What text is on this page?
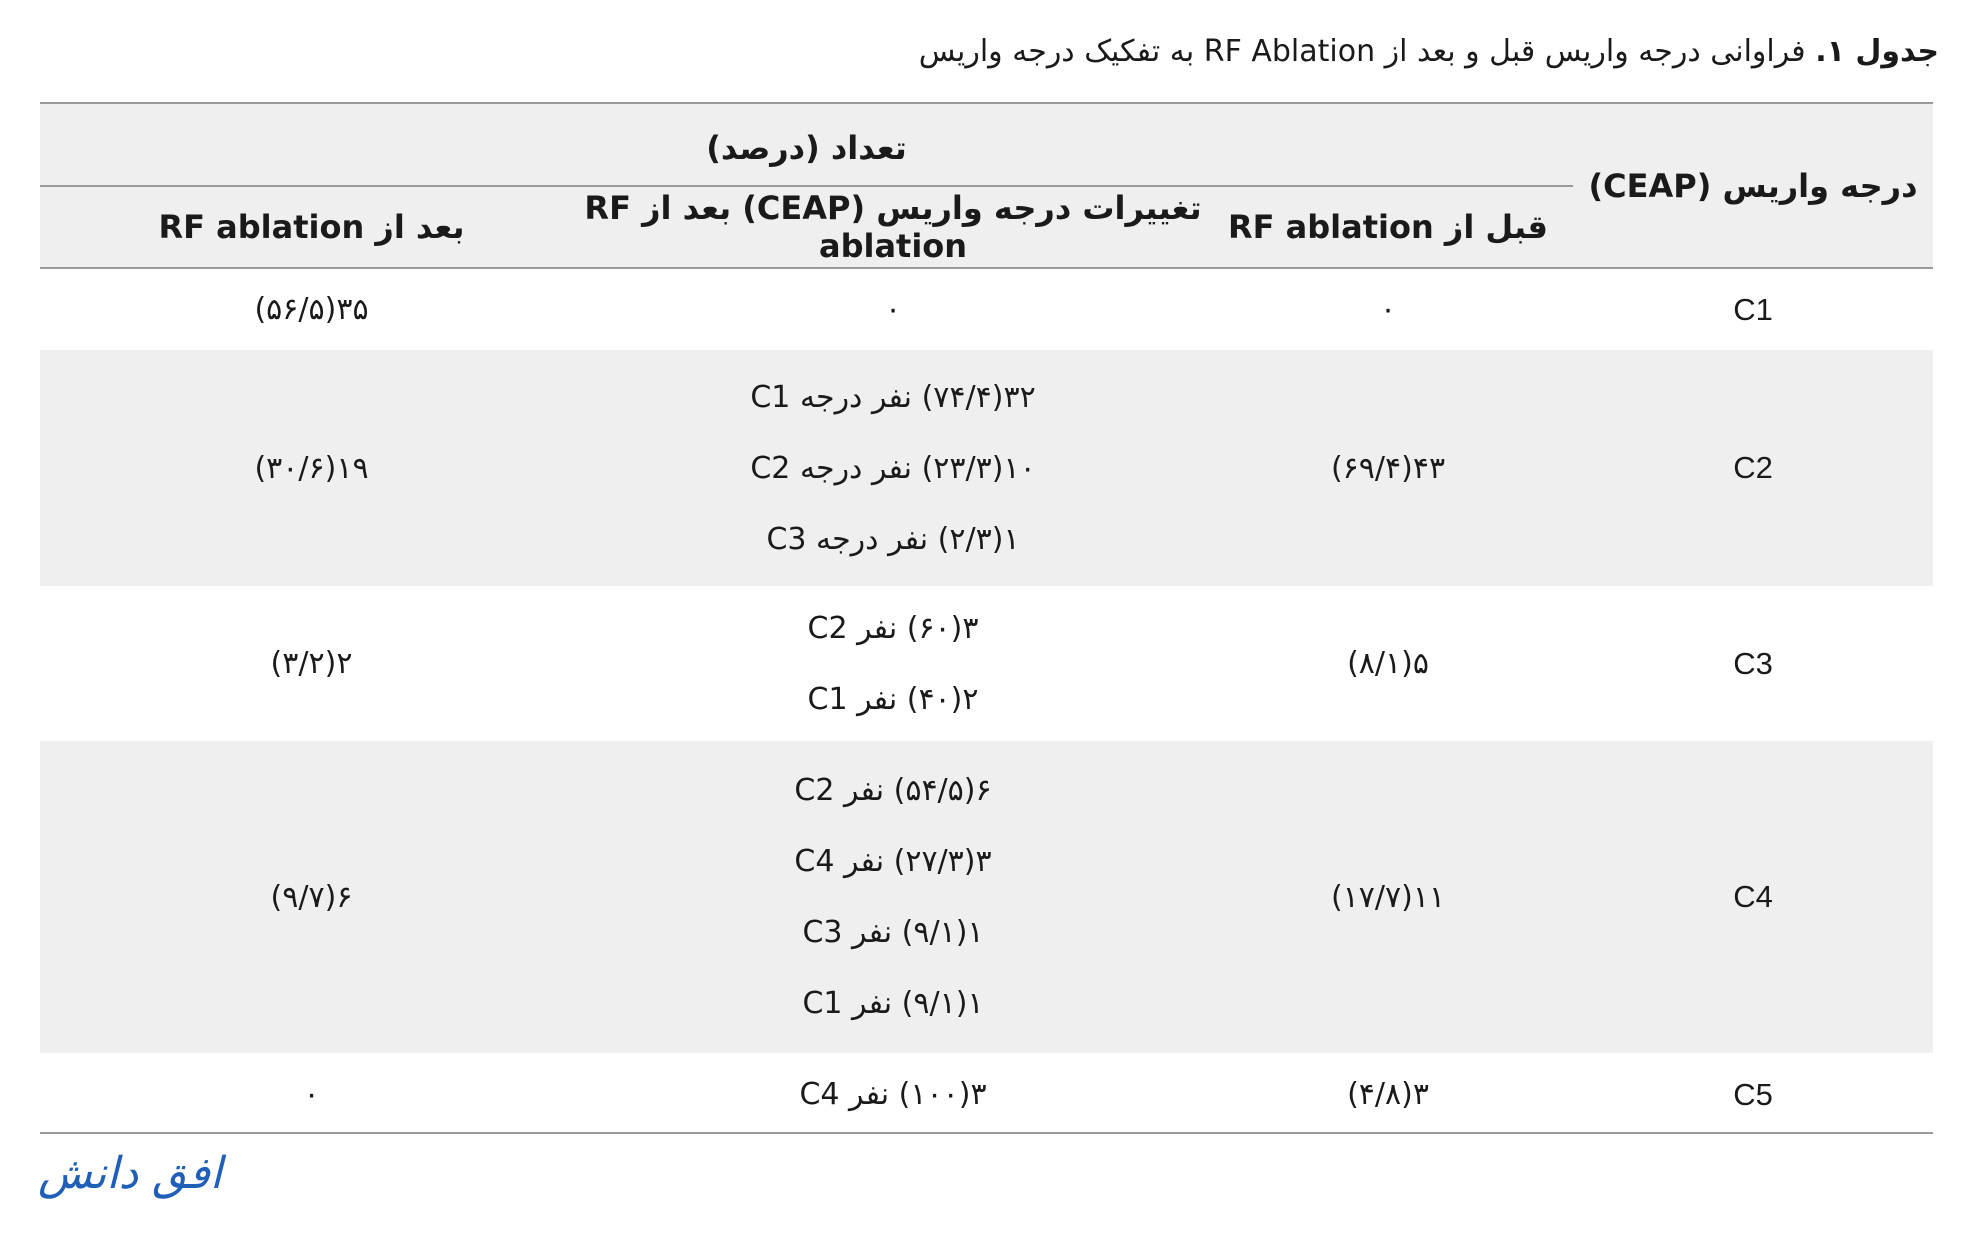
جدول ۱. فراوانی درجه واریس قبل و بعد از RF Ablation به تفکیک درجه واریس
درجه واریس (CEAP)	تعداد (درصد)		
	قبل از RF ablation	تغییرات درجه واریس (CEAP) بعد از RF ablation	بعد از RF ablation
C1	۰	۰	۳۵(۵۶/۵)
C2	۴۳(۶۹/۴)	۳۲(۷۴/۴) نفر درجه C1
۱۰(۲۳/۳) نفر درجه C2
۱(۲/۳) نفر درجه C3	۱۹(۳۰/۶)
C3	۵(۸/۱)	۳(۶۰) نفر C2
۲(۴۰) نفر C1	۲(۳/۲)
C4	۱۱(۱۷/۷)	۶(۵۴/۵) نفر C2
۳(۲۷/۳) نفر C4
۱(۹/۱) نفر C3
۱(۹/۱) نفر C1	۶(۹/۷)
C5	۳(۴/۸)	۳(۱۰۰) نفر C4	۰
افق دانش
